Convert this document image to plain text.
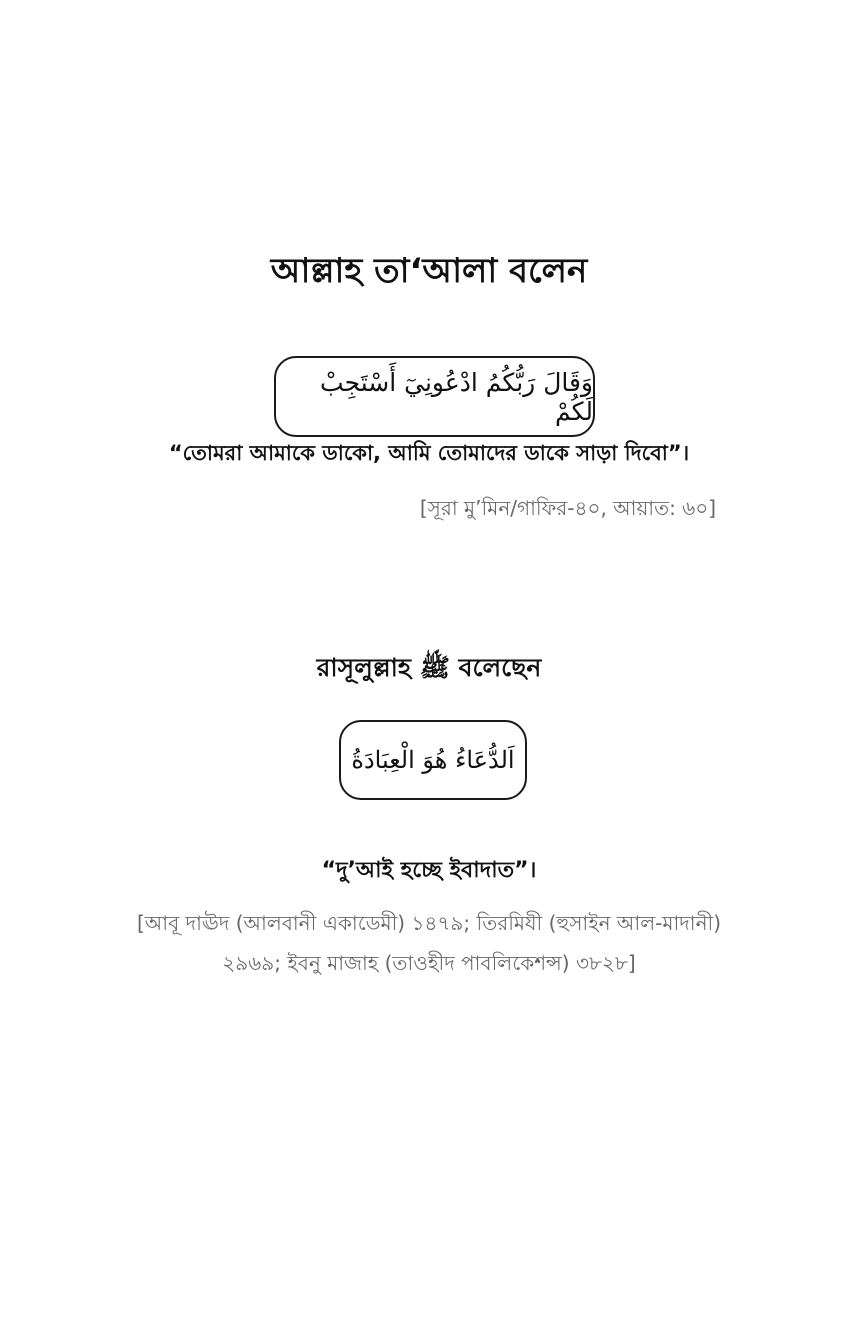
আল্লাহ তা‘আলা বলেন
وَقَالَ رَبُّكُمُ ادْعُونِيٓ أَسْتَجِبْ لَكُمْ
“তোমরা আমাকে ডাকো, আমি তোমাদের ডাকে সাড়া দিবো”।
[সূরা মু’মিন/গাফির-৪০, আয়াত: ৬০]
রাসূলুল্লাহ ﷺ বলেছেন
اَلدُّعَاءُ هُوَ الْعِبَادَةُ
“দু’আই হচ্ছে ইবাদাত”।
[আবূ দাঊদ (আলবানী একাডেমী) ১৪৭৯; তিরমিযী (হুসাইন আল-মাদানী)
২৯৬৯; ইবনু মাজাহ (তাওহীদ পাবলিকেশন্স) ৩৮২৮]
